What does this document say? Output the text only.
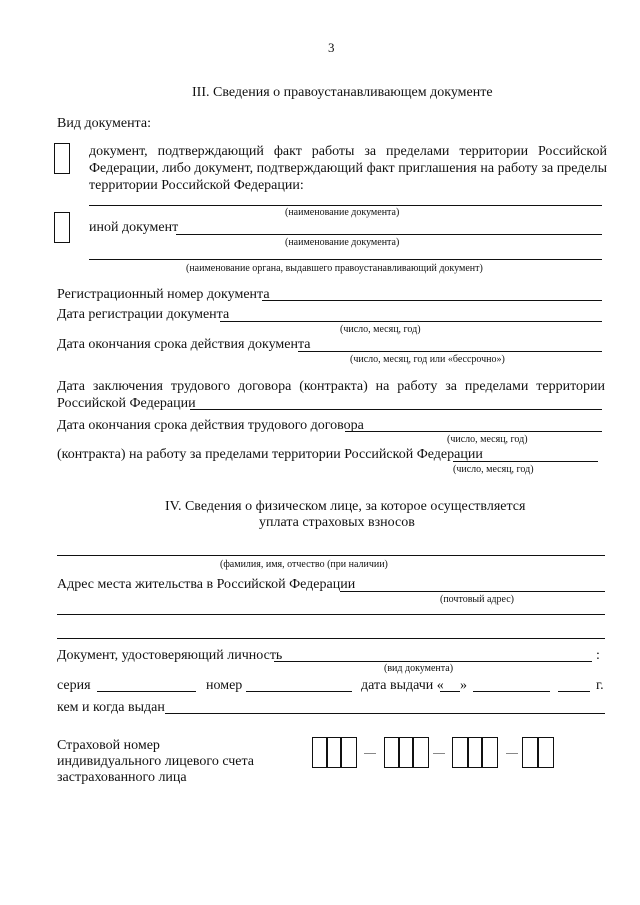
3
III. Сведения о правоустанавливающем документе
Вид документа:
документ, подтверждающий факт работы за пределами территории Российской Федерации, либо документ, подтверждающий факт приглашения на работу за пределы территории Российской Федерации:
(наименование документа)
иной документ
(наименование документа)
(наименование органа, выдавшего правоустанавливающий документ)
Регистрационный номер документа
Дата регистрации документа
(число, месяц, год)
Дата окончания срока действия документа
(число, месяц, год или «бессрочно»)
Дата заключения трудового договора (контракта) на работу за пределами территории
Российской Федерации
Дата окончания срока действия трудового договора
(число, месяц, год)
(контракта) на работу за пределами территории Российской Федерации
(число, месяц, год)
IV. Сведения о физическом лице, за которое осуществляется
уплата страховых взносов
(фамилия, имя, отчество (при наличии)
Адрес места жительства в Российской Федерации
(почтовый адрес)
Документ, удостоверяющий личность	:
(вид документа)
серия	номер	дата выдачи « »	г.
кем и когда выдан
Страховой номер
индивидуального лицевого счета
застрахованного лица
